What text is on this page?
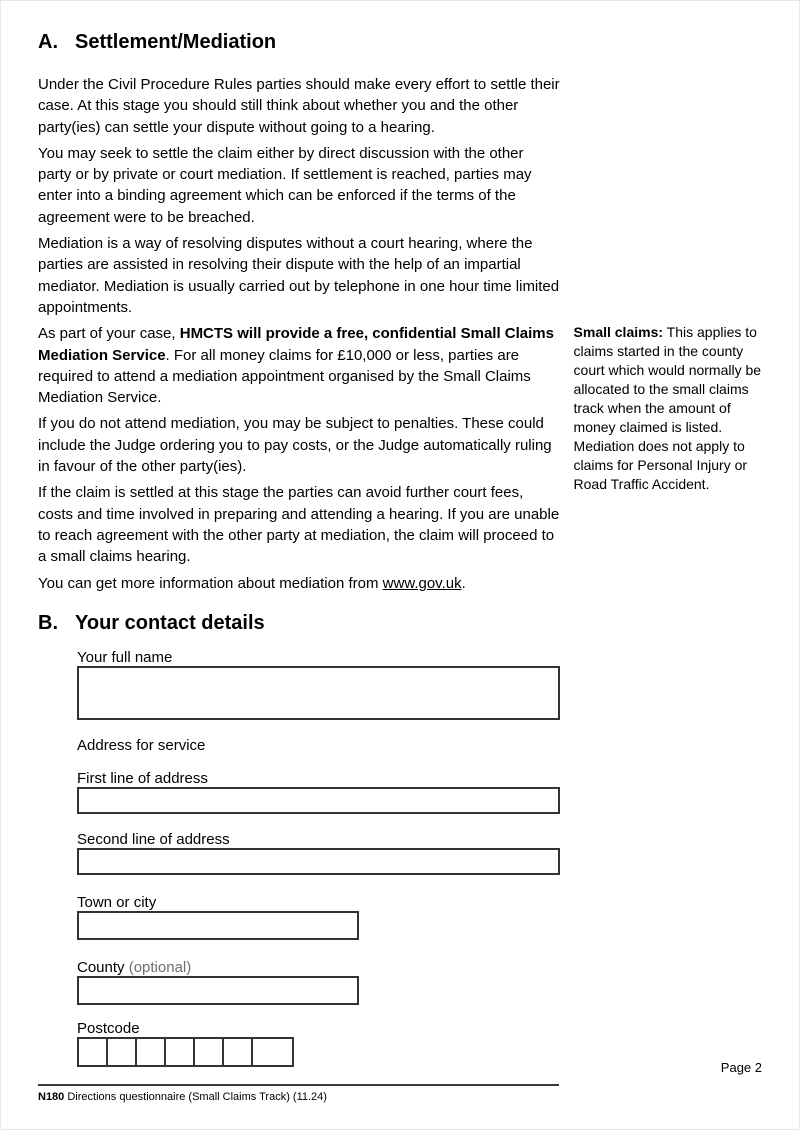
A. Settlement/Mediation

Under the Civil Procedure Rules parties should make every effort to settle their case. At this stage you should still think about whether you and the other party(ies) can settle your dispute without going to a hearing.

You may seek to settle the claim either by direct discussion with the other party or by private or court mediation. If settlement is reached, parties may enter into a binding agreement which can be enforced if the terms of the agreement were to be breached.

Mediation is a way of resolving disputes without a court hearing, where the parties are assisted in resolving their dispute with the help of an impartial mediator. Mediation is usually carried out by telephone in one hour time limited appointments.

As part of your case, HMCTS will provide a free, confidential Small Claims Mediation Service. For all money claims for £10,000 or less, parties are required to attend a mediation appointment organised by the Small Claims Mediation Service.

If you do not attend mediation, you may be subject to penalties. These could include the Judge ordering you to pay costs, or the Judge automatically ruling in favour of the other party(ies).

If the claim is settled at this stage the parties can avoid further court fees, costs and time involved in preparing and attending a hearing. If you are unable to reach agreement with the other party at mediation, the claim will proceed to a small claims hearing.

You can get more information about mediation from www.gov.uk.

Small claims: This applies to claims started in the county court which would normally be allocated to the small claims track when the amount of money claimed is listed. Mediation does not apply to claims for Personal Injury or Road Traffic Accident.

B. Your contact details
Your full name
Address for service
First line of address
Second line of address
Town or city
County (optional)
Postcode
N180 Directions questionnaire (Small Claims Track) (11.24)
Page 2
